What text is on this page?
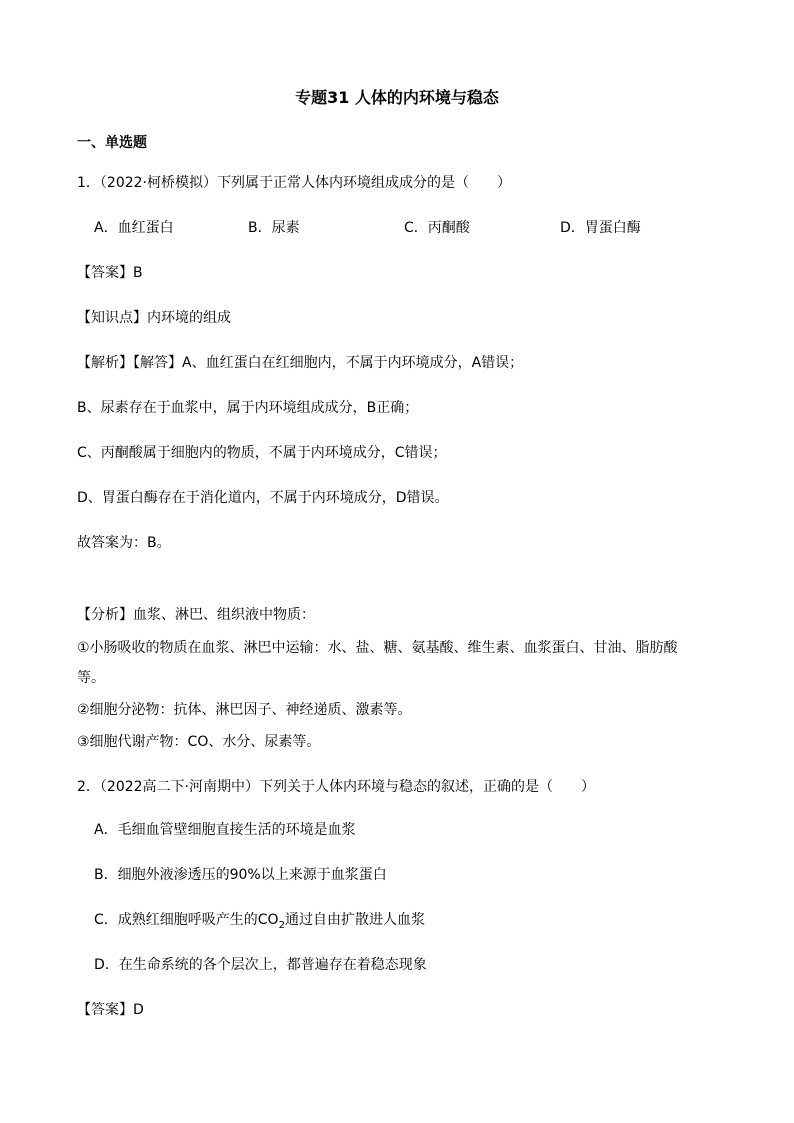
专题31 人体的内环境与稳态
一、单选题
1．（2022·柯桥模拟）下列属于正常人体内环境组成成分的是（　　）
A．血红蛋白	B．尿素	C．丙酮酸	D．胃蛋白酶
【答案】B
【知识点】内环境的组成
【解析】【解答】A、血红蛋白在红细胞内，不属于内环境成分，A错误；
B、尿素存在于血浆中，属于内环境组成成分，B正确；
C、丙酮酸属于细胞内的物质，不属于内环境成分，C错误；
D、胃蛋白酶存在于消化道内，不属于内环境成分，D错误。
故答案为：B。
【分析】血浆、淋巴、组织液中物质：
①小肠吸收的物质在血浆、淋巴中运输：水、盐、糖、氨基酸、维生素、血浆蛋白、甘油、脂肪酸
等。
②细胞分泌物：抗体、淋巴因子、神经递质、激素等。
③细胞代谢产物：CO、水分、尿素等。
2．（2022高二下·河南期中）下列关于人体内环境与稳态的叙述，正确的是（　　）
A．毛细血管壁细胞直接生活的环境是血浆
B．细胞外液渗透压的90%以上来源于血浆蛋白
C．成熟红细胞呼吸产生的$CO_2$通过自由扩散进人血浆
D．在生命系统的各个层次上，都普遍存在着稳态现象
【答案】D
